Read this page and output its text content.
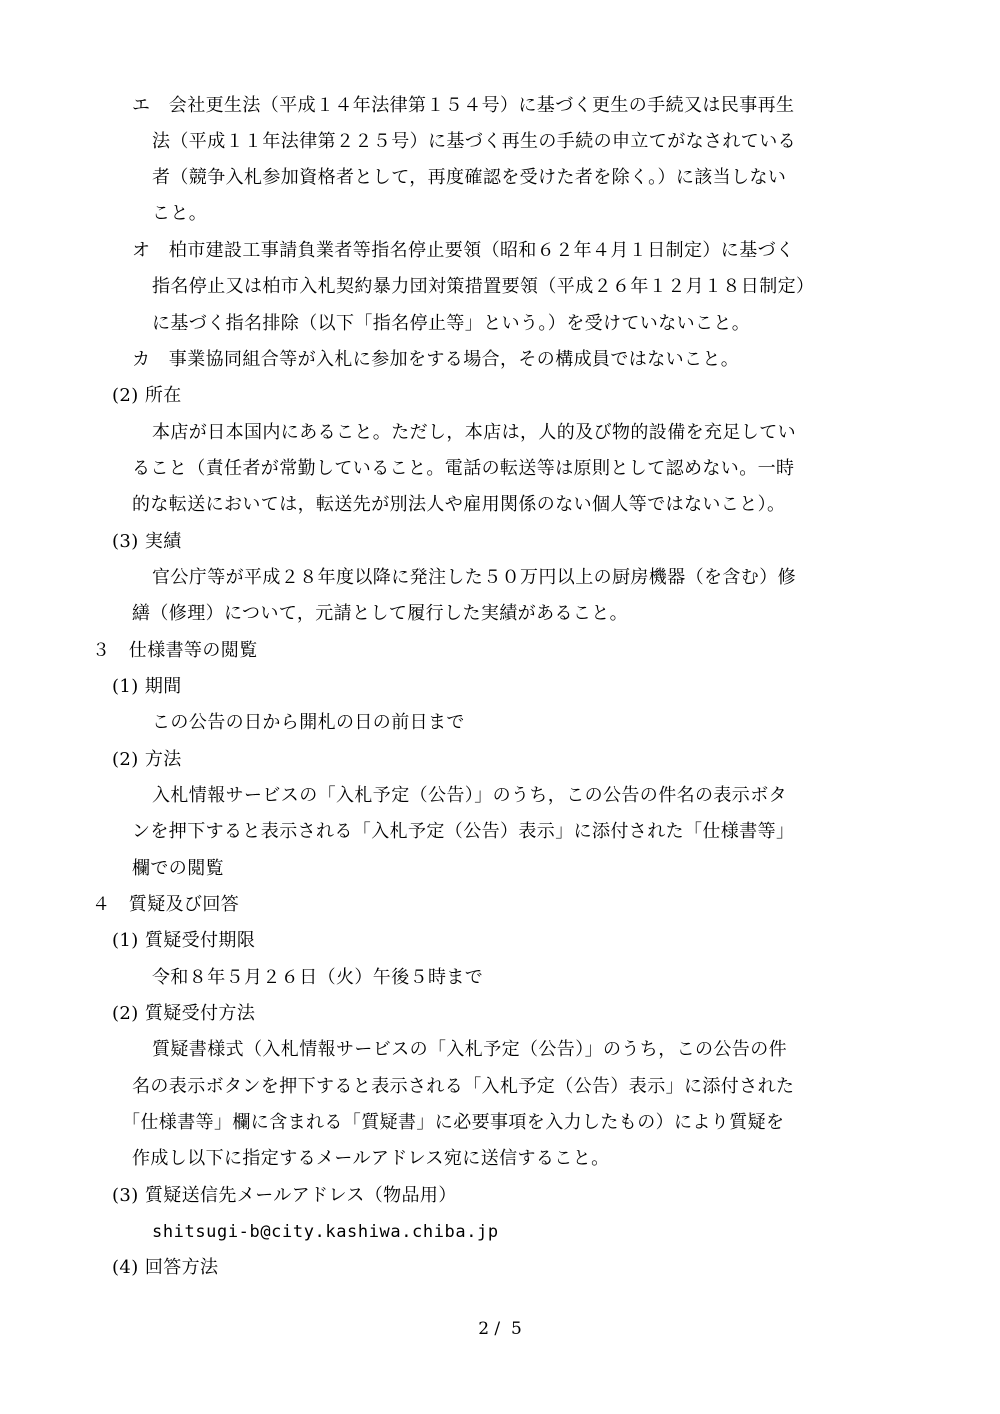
エ　会社更生法（平成１４年法律第１５４号）に基づく更生の手続又は民事再生
法（平成１１年法律第２２５号）に基づく再生の手続の申立てがなされている
者（競争入札参加資格者として，再度確認を受けた者を除く。）に該当しない
こと。
オ　柏市建設工事請負業者等指名停止要領（昭和６２年４月１日制定）に基づく
指名停止又は柏市入札契約暴力団対策措置要領（平成２６年１２月１８日制定）
に基づく指名排除（以下「指名停止等」という。）を受けていないこと。
カ　事業協同組合等が入札に参加をする場合，その構成員ではないこと。
(2) 所在
本店が日本国内にあること。ただし，本店は，人的及び物的設備を充足してい
ること（責任者が常勤していること。電話の転送等は原則として認めない。一時
的な転送においては，転送先が別法人や雇用関係のない個人等ではないこと）。
(3) 実績
官公庁等が平成２８年度以降に発注した５０万円以上の厨房機器（を含む）修
繕（修理）について，元請として履行した実績があること。
３　仕様書等の閲覧
(1) 期間
この公告の日から開札の日の前日まで
(2) 方法
入札情報サービスの「入札予定（公告）」のうち，この公告の件名の表示ボタ
ンを押下すると表示される「入札予定（公告）表示」に添付された「仕様書等」
欄での閲覧
４　質疑及び回答
(1) 質疑受付期限
令和８年５月２６日（火）午後５時まで
(2) 質疑受付方法
質疑書様式（入札情報サービスの「入札予定（公告）」のうち，この公告の件
名の表示ボタンを押下すると表示される「入札予定（公告）表示」に添付された
「仕様書等」欄に含まれる「質疑書」に必要事項を入力したもの）により質疑を
作成し以下に指定するメールアドレス宛に送信すること。
(3) 質疑送信先メールアドレス（物品用）
shitsugi-b@city.kashiwa.chiba.jp
(4) 回答方法
2 /  5
